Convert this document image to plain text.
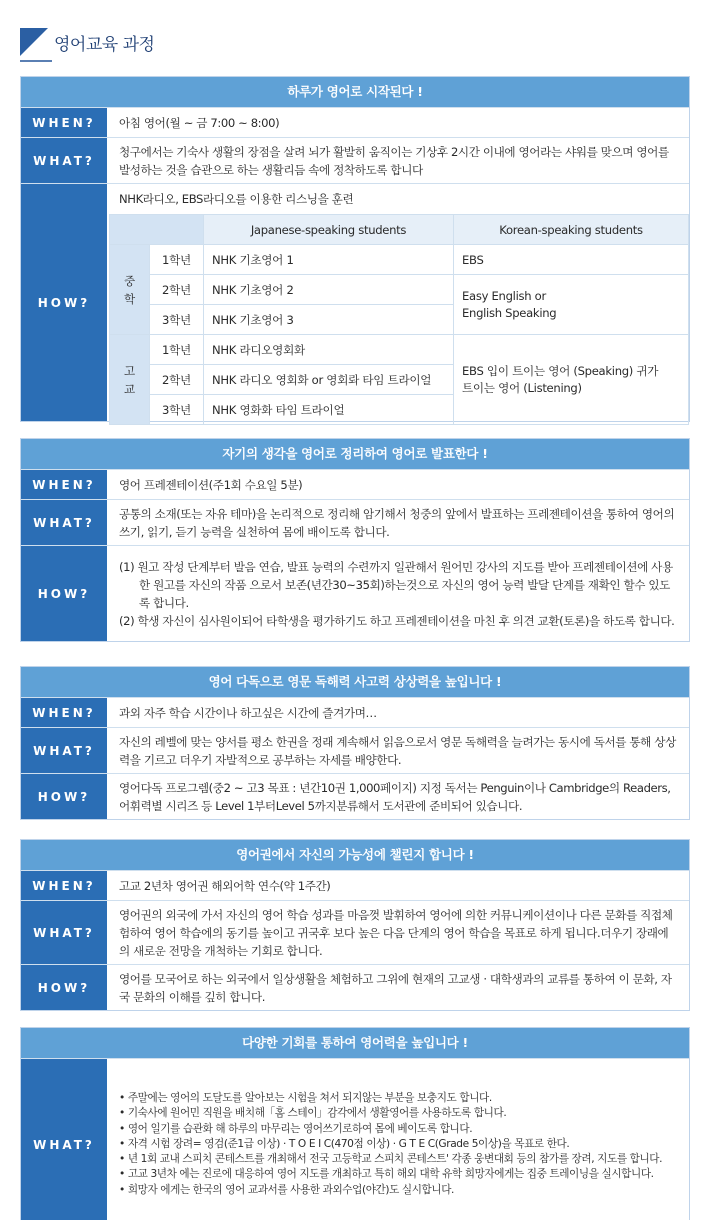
영어교육 과정
하루가 영어로 시작된다 !
WHEN?	아침 영어(월 ~ 금 7:00 ~ 8:00)
WHAT?
청구에서는 기숙사 생활의 장점을 살려 뇌가 활발히 움직이는 기상후 2시간 이내에 영어라는 샤워를 맞으며 영어를 발성하는 것을 습관으로 하는 생활리듬 속에 정착하도록 합니다
HOW?
NHK라디오, EBS라디오를 이용한 리스닝을 훈련
		Japanese-speaking students	Korean-speaking students
중학	1학년	NHK 기초영어 1	EBS
	2학년	NHK 기초영어 2	Easy English or English Speaking

	3학년	NHK 기초영어 3	
고교	1학년	NHK 라디오영회화	EBS 입이 트이는 영어 (Speaking) 귀가 트이는 영어 (Listening)

	2학년	NHK 라디오 영회화 or 영회롸 타임 트라이얼	
	3학년	NHK 영화화 타임 트라이얼	
자기의 생각을 영어로 정리하여 영어로 발표한다 !
WHEN?	영어 프레젠테이션(주1회 수요일 5분)
WHAT?
공통의 소재(또는 자유 테마)을 논리적으로 정리해 암기해서 청중의 앞에서 발표하는 프레젠테이션을 통하여 영어의 쓰기, 읽기, 듣기 능력을 실천하여 몸에 배이도록 합니다.
HOW?
(1) 원고 작성 단계부터 발음 연습, 발표 능력의 수련까지 일관해서 원어민 강사의 지도를 받아 프레젠테이션에 사용한 원고를 자신의 작품 으로서 보존(년간30~35회)하는것으로 자신의 영어 능력 발달 단계를 재확인 할수 있도록 합니다.
(2) 학생 자신이 심사원이되어 타학생을 평가하기도 하고 프레젠테이션을 마친 후 의견 교환(토론)을 하도록 합니다.
영어 다독으로 영문 독해력 사고력 상상력을 높입니다 !
WHEN?	과외 자주 학습 시간이나 하고싶은 시간에 즐겨가며…
WHAT?
자신의 레벨에 맞는 양서를 평소 한권을 정래 계속해서 읽음으로서 영문 독해력을 늘려가는 동시에 독서를 통해 상상력을 기르고 더우기 자발적으로 공부하는 자세를 배양한다.
HOW?
영어다독 프로그렘(중2 ~ 고3 목표 : 년간10권 1,000페이지) 지정 독서는 Penguin이나 Cambridge의 Readers, 어휘력별 시리즈 등 Level 1부터Level 5까지분류해서 도서관에 준비되어 있습니다.
영어권에서 자신의 가능성에 챌린지 합니다 !
WHEN?	고교 2년차 영어권 해외어학 연수(약 1주간)
WHAT?
영어권의 외국에 가서 자신의 영어 학습 성과를 마음껏 발휘하여 영어에 의한 커뮤니케이션이나 다른 문화를 직접체험하여 영어 학습에의 동기를 높이고 귀국후 보다 높은 다음 단계의 영어 학습을 목표로 하게 됩니다.더우기 장래에의 새로운 전망을 개척하는 기회로 합니다.
HOW?
영어를 모국어로 하는 외국에서 일상생활을 체험하고 그위에 현재의 고교생 · 대학생과의 교류를 통하여 이 문화, 자국 문화의 이해를 깊히 합니다.
다양한 기회를 통하여 영어력을 높입니다 !
WHAT?
• 주말에는 영어의 도달도를 알아보는 시험을 쳐서 되지않는 부분을 보충지도 합니다.
• 기숙사에 원어민 직원을 배치해「홈 스테이」감각에서 생활영어를 사용하도록 합니다.
• 영어 일기를 습관화 해 하루의 마무리는 영어쓰기로하여 몸에 베이도록 합니다.
• 자격 시험 장려= 영검(준1급 이상) · T O E I C(470점 이상) · G T E C(Grade 5이상)을 목표로 한다.
• 년 1회 교내 스피치 콘테스트를 개최해서 전국 고등학교 스피치 콘테스트' 각종 웅변대회 등의 참가를 장려, 지도를 합니다.
• 고교 3년차 에는 진로에 대응하여 영어 지도를 개최하고 특히 해외 대학 유학 희망자에게는 집중 트레이닝을 실시합니다.
• 희망자 에게는 한국의 영어 교과서를 사용한 과외수업(야간)도 실시합니다.
